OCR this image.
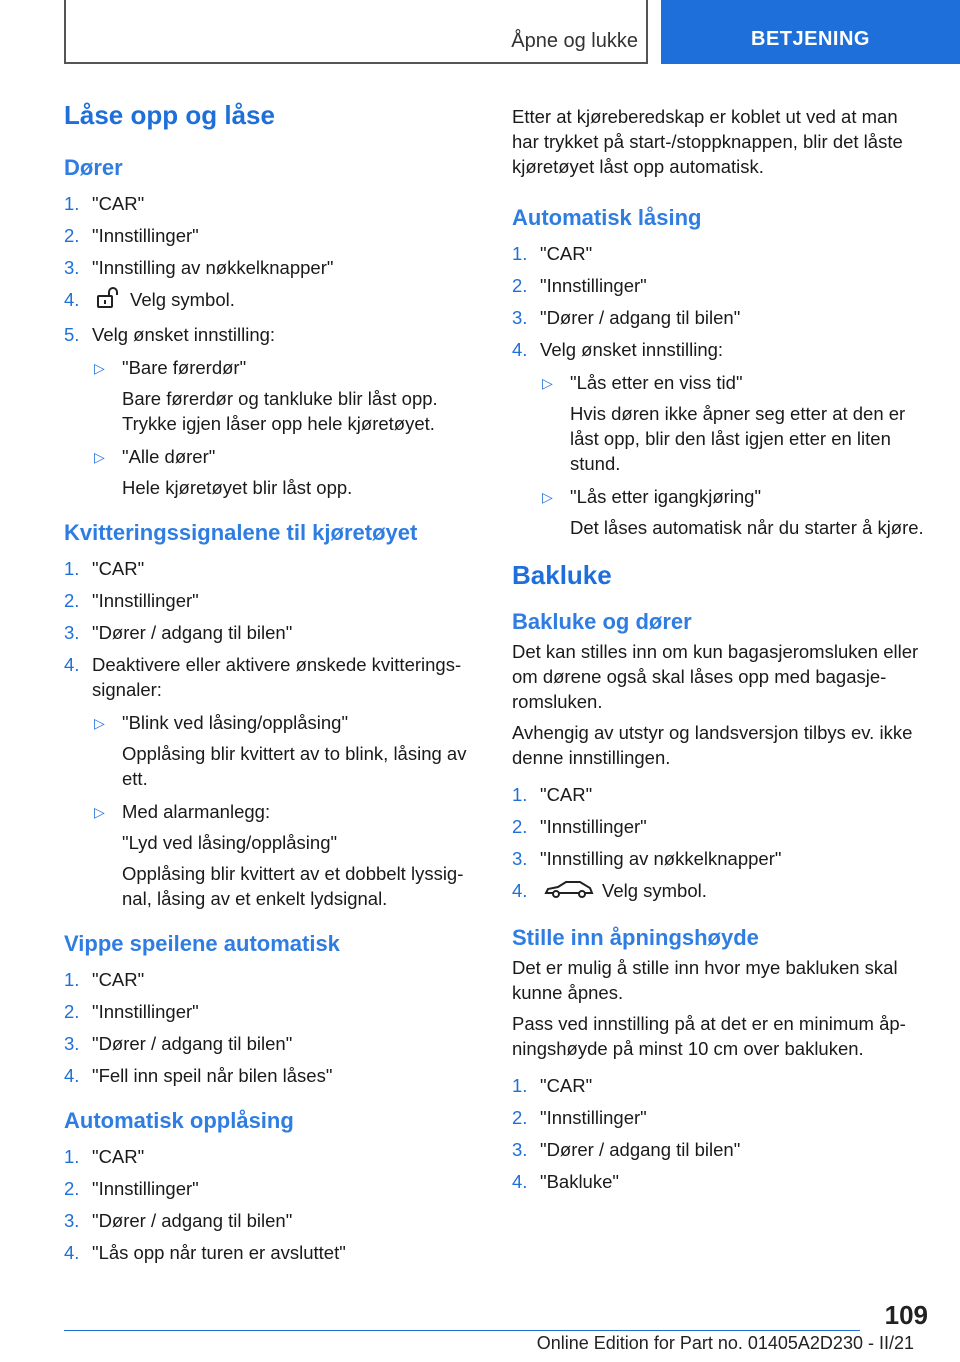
Åpne og lukke	BETJENING
Låse opp og låse
Dører
1. "CAR"
2. "Innstillinger"
3. "Innstilling av nøkkelknapper"
4.	Velg symbol.
5. Velg ønsket innstilling:
▷ "Bare førerdør"
Bare førerdør og tankluke blir låst opp. Trykke igjen låser opp hele kjøretøyet.
▷ "Alle dører"
Hele kjøretøyet blir låst opp.
Kvitteringssignalene til kjøretøyet
1. "CAR"
2. "Innstillinger"
3. "Dører / adgang til bilen"
4. Deaktivere eller aktivere ønskede kvitteringssignaler:
▷ "Blink ved låsing/opplåsing"
Opplåsing blir kvittert av to blink, låsing av ett.
▷ Med alarmanlegg:
"Lyd ved låsing/opplåsing"
Opplåsing blir kvittert av et dobbelt lyssignal, låsing av et enkelt lydsignal.
Vippe speilene automatisk
1. "CAR"
2. "Innstillinger"
3. "Dører / adgang til bilen"
4. "Fell inn speil når bilen låses"
Automatisk opplåsing
1. "CAR"
2. "Innstillinger"
3. "Dører / adgang til bilen"
4. "Lås opp når turen er avsluttet"

Etter at kjøreberedskap er koblet ut ved at man har trykket på start-/stoppknappen, blir det låste kjøretøyet låst opp automatisk.

Automatisk låsing
1. "CAR"
2. "Innstillinger"
3. "Dører / adgang til bilen"
4. Velg ønsket innstilling:
▷ "Lås etter en viss tid"
Hvis døren ikke åpner seg etter at den er låst opp, blir den låst igjen etter en liten stund.
▷ "Lås etter igangkjøring"
Det låses automatisk når du starter å kjøre.
Bakluke
Bakluke og dører

Det kan stilles inn om kun bagasjeromsluken eller om dørene også skal låses opp med bagasjeromsluken.

Avhengig av utstyr og landsversjon tilbys ev. ikke denne innstillingen.

1. "CAR"
2. "Innstillinger"
3. "Innstilling av nøkkelknapper"
4.	Velg symbol.
Stille inn åpningshøyde

Det er mulig å stille inn hvor mye bakluken skal kunne åpnes.

Pass ved innstilling på at det er en minimum åpningshøyde på minst 10 cm over bakluken.

1. "CAR"
2. "Innstillinger"
3. "Dører / adgang til bilen"
4. "Bakluke"
109
Online Edition for Part no. 01405A2D230 - II/21
